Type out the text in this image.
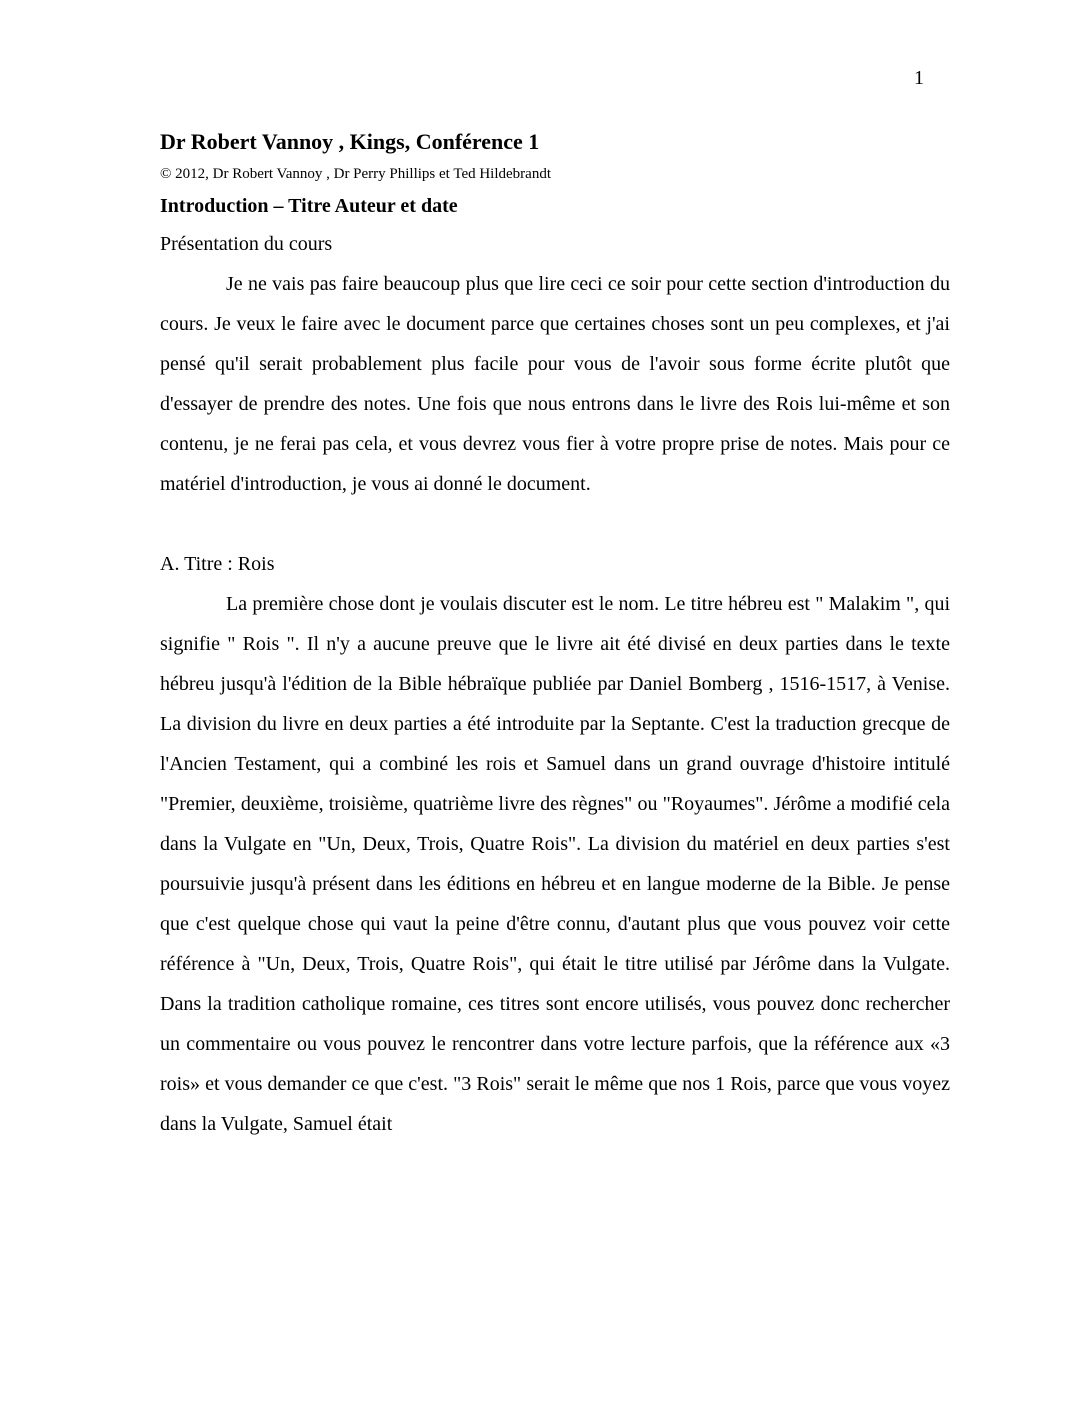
1
Dr Robert Vannoy , Kings, Conférence 1

© 2012, Dr Robert Vannoy , Dr Perry Phillips et Ted Hildebrandt

Introduction – Titre Auteur et date

Présentation du cours

Je ne vais pas faire beaucoup plus que lire ceci ce soir pour cette section d'introduction du cours. Je veux le faire avec le document parce que certaines choses sont un peu complexes, et j'ai pensé qu'il serait probablement plus facile pour vous de l'avoir sous forme écrite plutôt que d'essayer de prendre des notes. Une fois que nous entrons dans le livre des Rois lui-même et son contenu, je ne ferai pas cela, et vous devrez vous fier à votre propre prise de notes. Mais pour ce matériel d'introduction, je vous ai donné le document.

A. Titre : Rois

La première chose dont je voulais discuter est le nom. Le titre hébreu est " Malakim ", qui signifie " Rois ". Il n'y a aucune preuve que le livre ait été divisé en deux parties dans le texte hébreu jusqu'à l'édition de la Bible hébraïque publiée par Daniel Bomberg , 1516-1517, à Venise. La division du livre en deux parties a été introduite par la Septante. C'est la traduction grecque de l'Ancien Testament, qui a combiné les rois et Samuel dans un grand ouvrage d'histoire intitulé "Premier, deuxième, troisième, quatrième livre des règnes" ou "Royaumes". Jérôme a modifié cela dans la Vulgate en "Un, Deux, Trois, Quatre Rois". La division du matériel en deux parties s'est poursuivie jusqu'à présent dans les éditions en hébreu et en langue moderne de la Bible. Je pense que c'est quelque chose qui vaut la peine d'être connu, d'autant plus que vous pouvez voir cette référence à "Un, Deux, Trois, Quatre Rois", qui était le titre utilisé par Jérôme dans la Vulgate. Dans la tradition catholique romaine, ces titres sont encore utilisés, vous pouvez donc rechercher un commentaire ou vous pouvez le rencontrer dans votre lecture parfois, que la référence aux «3 rois» et vous demander ce que c'est. "3 Rois" serait le même que nos 1 Rois, parce que vous voyez dans la Vulgate, Samuel était
